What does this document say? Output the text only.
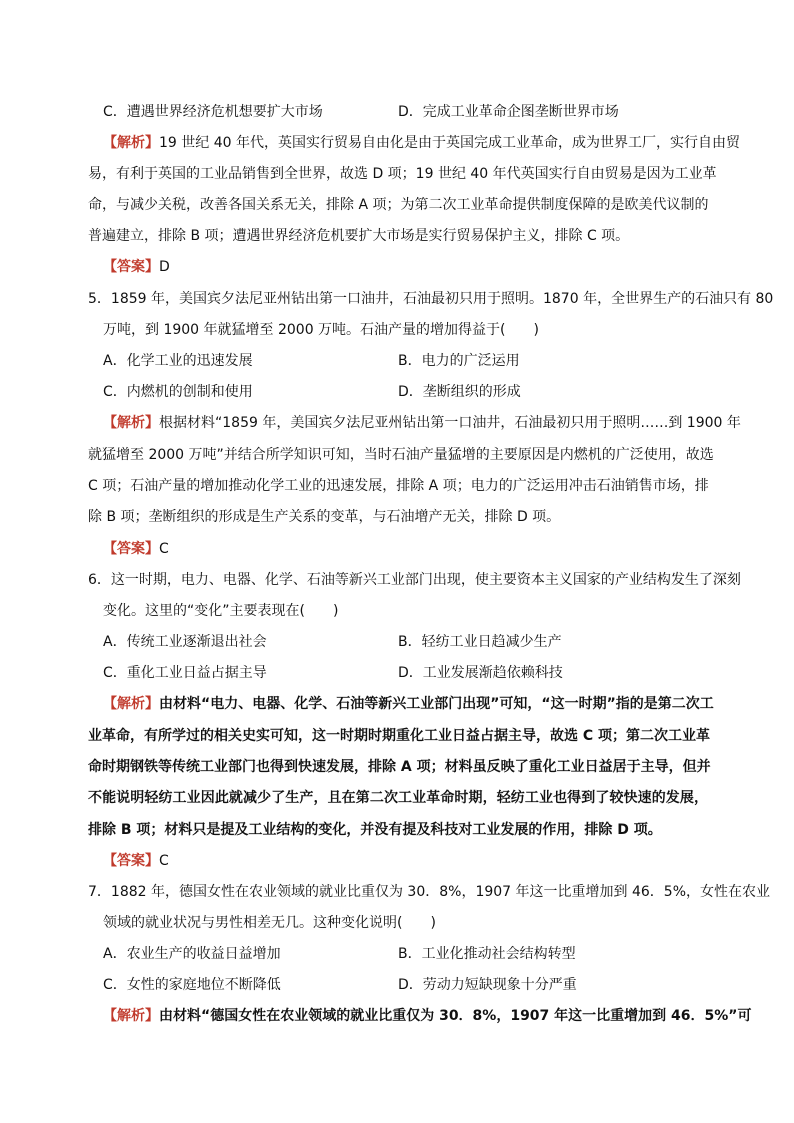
C．遭遇世界经济危机想要扩大市场	D．完成工业革命企图垄断世界市场
【解析】19 世纪 40 年代，英国实行贸易自由化是由于英国完成工业革命，成为世界工厂，实行自由贸
易，有利于英国的工业品销售到全世界，故选 D 项；19 世纪 40 年代英国实行自由贸易是因为工业革
命，与减少关税，改善各国关系无关，排除 A 项；为第二次工业革命提供制度保障的是欧美代议制的
普遍建立，排除 B 项；遭遇世界经济危机要扩大市场是实行贸易保护主义，排除 C 项。
【答案】D
5．1859 年，美国宾夕法尼亚州钻出第一口油井，石油最初只用于照明。1870 年，全世界生产的石油只有 80
万吨，到 1900 年就猛增至 2000 万吨。石油产量的增加得益于(　　)
A．化学工业的迅速发展	B．电力的广泛运用
C．内燃机的创制和使用	D．垄断组织的形成
【解析】根据材料“1859 年，美国宾夕法尼亚州钻出第一口油井，石油最初只用于照明……到 1900 年
就猛增至 2000 万吨”并结合所学知识可知，当时石油产量猛增的主要原因是内燃机的广泛使用，故选
C 项；石油产量的增加推动化学工业的迅速发展，排除 A 项；电力的广泛运用冲击石油销售市场，排
除 B 项；垄断组织的形成是生产关系的变革，与石油增产无关，排除 D 项。
【答案】C
6．这一时期，电力、电器、化学、石油等新兴工业部门出现，使主要资本主义国家的产业结构发生了深刻
变化。这里的“变化”主要表现在(　　)
A．传统工业逐渐退出社会	B．轻纺工业日趋减少生产
C．重化工业日益占据主导	D．工业发展渐趋依赖科技
【解析】由材料“电力、电器、化学、石油等新兴工业部门出现”可知，“这一时期”指的是第二次工
业革命，有所学过的相关史实可知，这一时期时期重化工业日益占据主导，故选 C 项；第二次工业革
命时期钢铁等传统工业部门也得到快速发展，排除 A 项；材料虽反映了重化工业日益居于主导，但并
不能说明轻纺工业因此就减少了生产，且在第二次工业革命时期，轻纺工业也得到了较快速的发展，
排除 B 项；材料只是提及工业结构的变化，并没有提及科技对工业发展的作用，排除 D 项。
【答案】C
7．1882 年，德国女性在农业领域的就业比重仅为 30．8%，1907 年这一比重增加到 46．5%，女性在农业
领域的就业状况与男性相差无几。这种变化说明(　　)
A．农业生产的收益日益增加	B．工业化推动社会结构转型
C．女性的家庭地位不断降低	D．劳动力短缺现象十分严重
【解析】由材料“德国女性在农业领域的就业比重仅为 30．8%，1907 年这一比重增加到 46．5%”可
